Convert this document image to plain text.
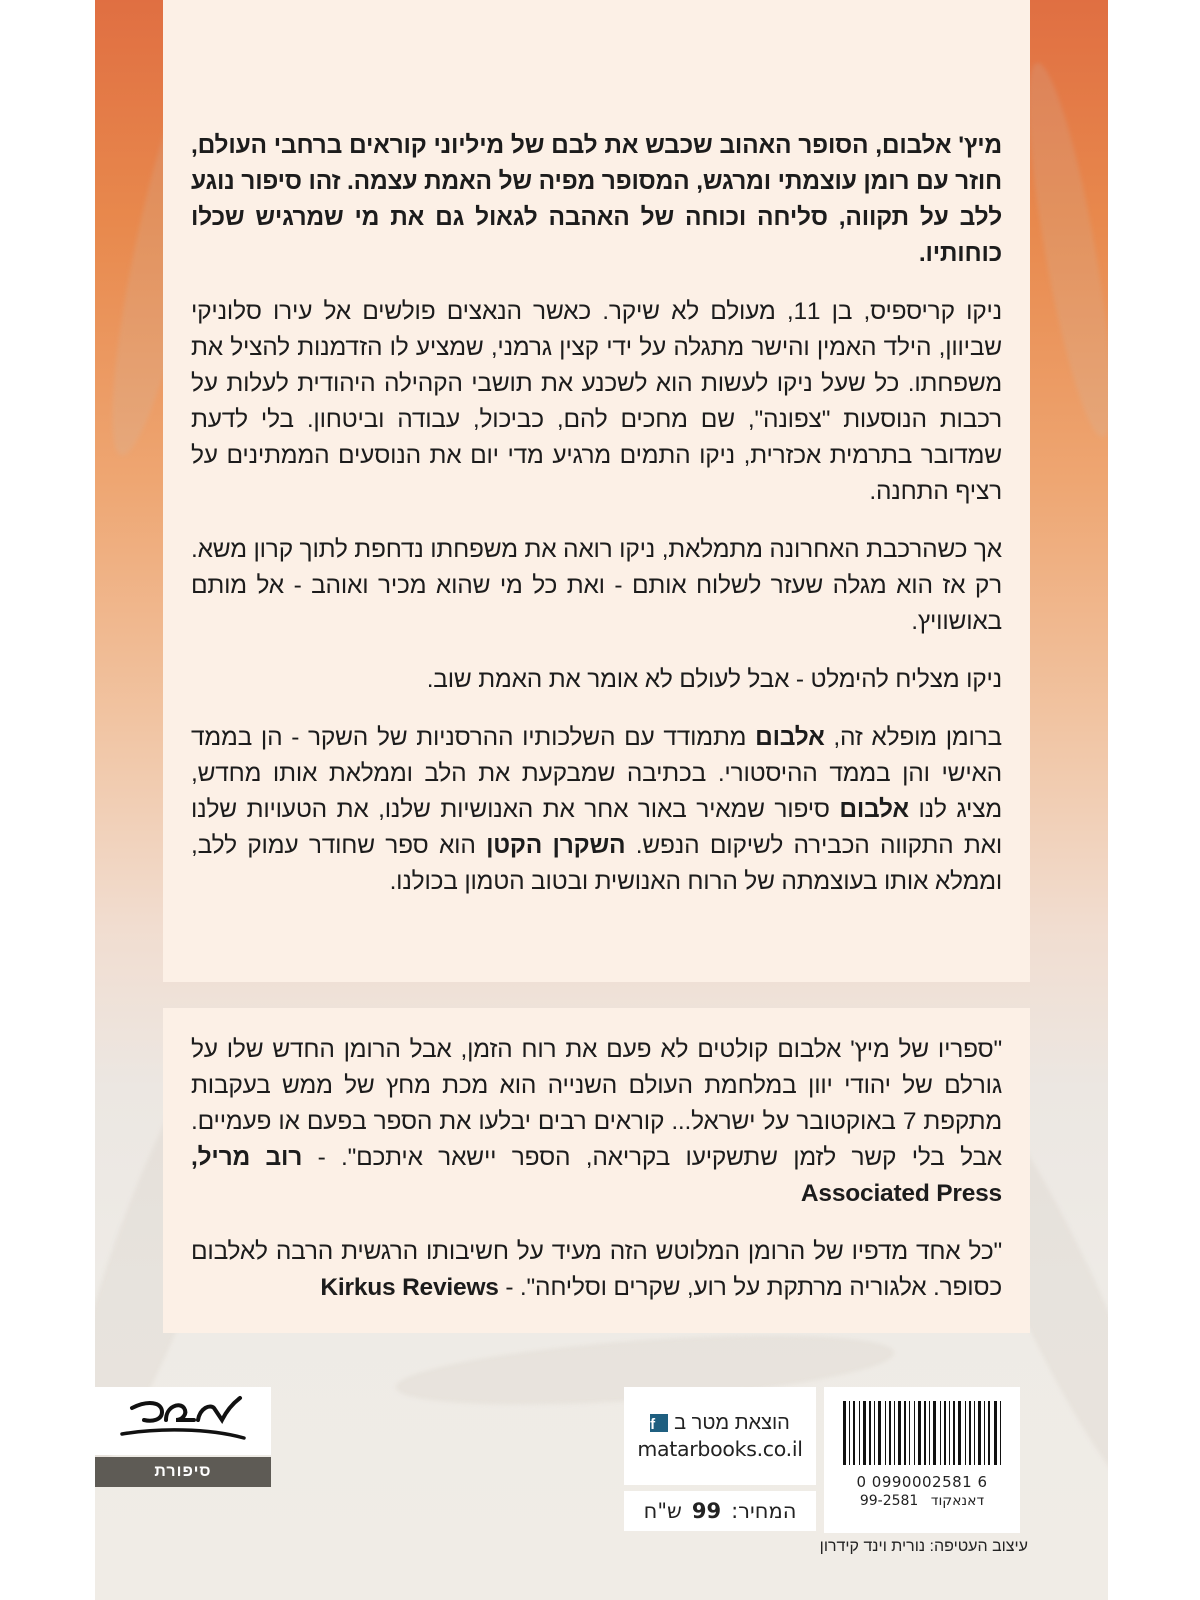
מיץ' אלבום, הסופר האהוב שכבש את לבם של מיליוני קוראים ברחבי העולם, חוזר עם רומן עוצמתי ומרגש, המסופר מפיה של האמת עצמה. זהו סיפור נוגע ללב על תקווה, סליחה וכוחה של האהבה לגאול גם את מי שמרגיש שכלו כוחותיו.

ניקו קריספיס, בן 11, מעולם לא שיקר. כאשר הנאצים פולשים אל עירו סלוניקי שביוון, הילד האמין והישר מתגלה על ידי קצין גרמני, שמציע לו הזדמנות להציל את משפחתו. כל שעל ניקו לעשות הוא לשכנע את תושבי הקהילה היהודית לעלות על רכבות הנוסעות "צפונה", שם מחכים להם, כביכול, עבודה וביטחון. בלי לדעת שמדובר בתרמית אכזרית, ניקו התמים מרגיע מדי יום את הנוסעים הממתינים על רציף התחנה.

אך כשהרכבת האחרונה מתמלאת, ניקו רואה את משפחתו נדחפת לתוך קרון משא. רק אז הוא מגלה שעזר לשלוח אותם - ואת כל מי שהוא מכיר ואוהב - אל מותם באושוויץ.

ניקו מצליח להימלט - אבל לעולם לא אומר את האמת שוב.

ברומן מופלא זה, אלבום מתמודד עם השלכותיו ההרסניות של השקר - הן בממד האישי והן בממד ההיסטורי. בכתיבה שמבקעת את הלב וממלאת אותו מחדש, מציג לנו אלבום סיפור שמאיר באור אחר את האנושיות שלנו, את הטעויות שלנו ואת התקווה הכבירה לשיקום הנפש. השקרן הקטן הוא ספר שחודר עמוק ללב, וממלא אותו בעוצמתה של הרוח האנושית ובטוב הטמון בכולנו.

"ספריו של מיץ' אלבום קולטים לא פעם את רוח הזמן, אבל הרומן החדש שלו על גורלם של יהודי יוון במלחמת העולם השנייה הוא מכת מחץ של ממש בעקבות מתקפת 7 באוקטובר על ישראל... קוראים רבים יבלעו את הספר בפעם או פעמיים. אבל בלי קשר לזמן שתשקיעו בקריאה, הספר יישאר איתכם". - רוב מריל, Associated Press

"כל אחד מדפיו של הרומן המלוטש הזה מעיד על חשיבותו הרגשית הרבה לאלבום כסופר. אלגוריה מרתקת על רוע, שקרים וסליחה". - Kirkus Reviews

סיפורת
הוצאת מטר ב
f
matarbooks.co.il
המחיר:
99
ש"ח
0 0990002581 6
דאנאקוד 99-2581
עיצוב העטיפה: נורית וינד קידרון
